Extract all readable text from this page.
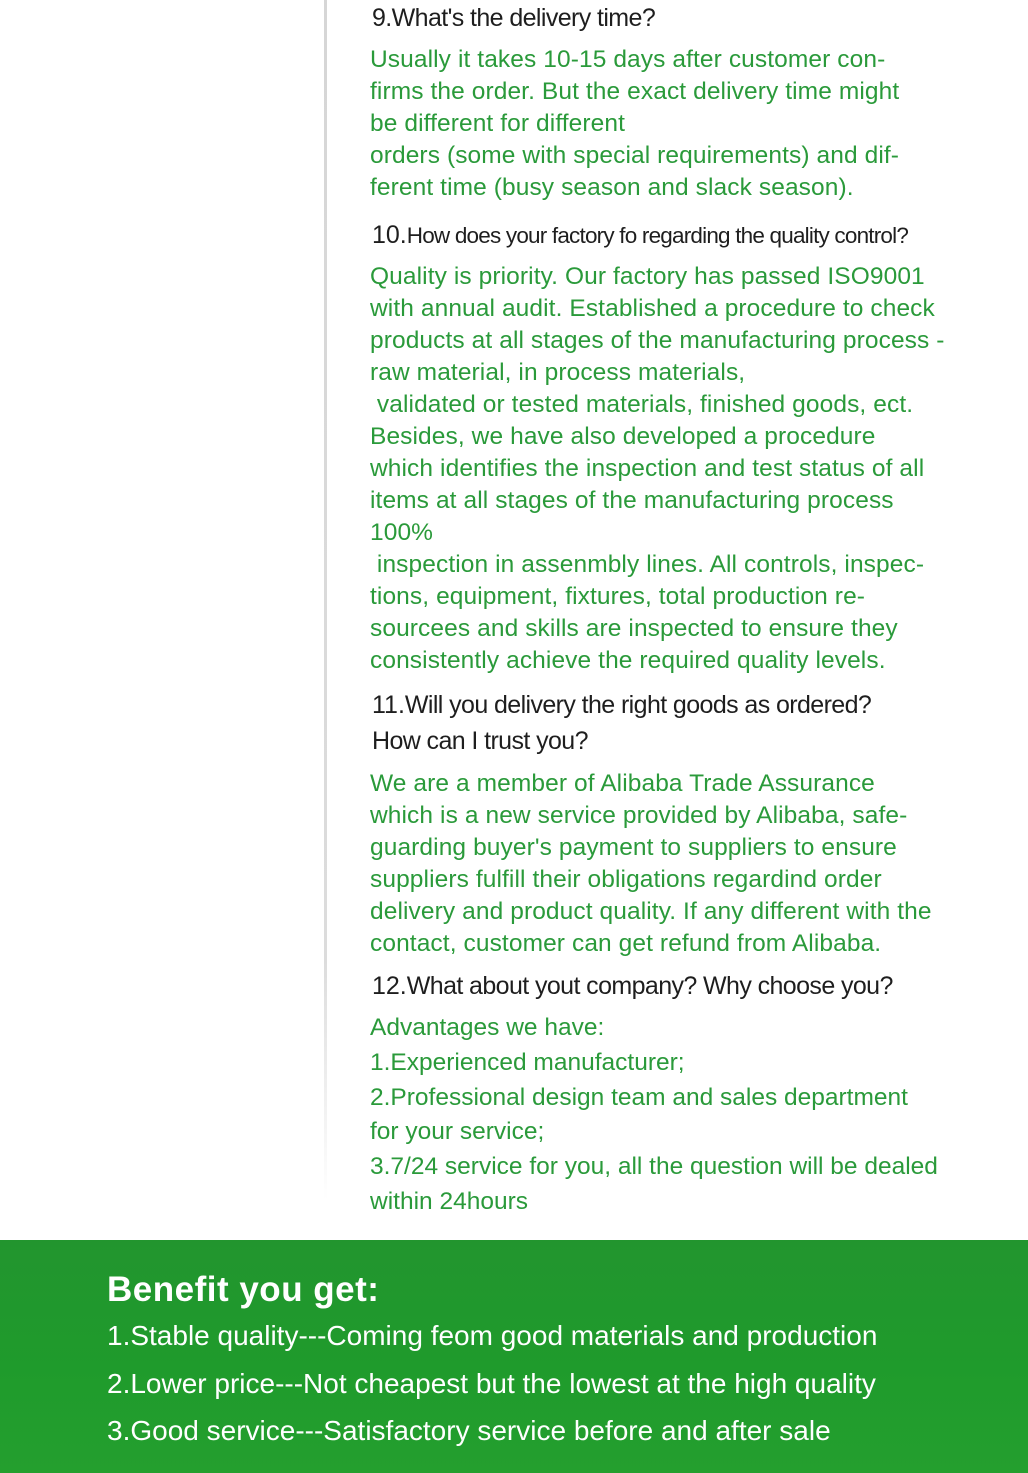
9.What's the delivery time?
Usually it takes 10-15 days after customer con-
firms the order. But the exact delivery time might
be different for different
orders (some with special requirements) and dif-
ferent time (busy season and slack season).
10.How does your factory fo regarding the quality control?
Quality is priority. Our factory has passed ISO9001
with annual audit. Established a procedure to check
products at all stages of the manufacturing process -
raw material, in process materials,
validated or tested materials, finished goods, ect.
Besides, we have also developed a procedure
which identifies the inspection and test status of all
items at all stages of the manufacturing process
100%
inspection in assenmbly lines. All controls, inspec-
tions, equipment, fixtures, total production re-
sourcees and skills are inspected to ensure they
consistently achieve the required quality levels.
11.Will you delivery the right goods as ordered?
How can I trust you?
We are a member of Alibaba Trade Assurance
which is a new service provided by Alibaba, safe-
guarding buyer's payment to suppliers to ensure
suppliers fulfill their obligations regardind order
delivery and product quality. If any different with the
contact, customer can get refund from Alibaba.
12.What about yout company? Why choose you?
Advantages we have:
1.Experienced manufacturer;
2.Professional design team and sales department
for your service;
3.7/24 service for you, all the question will be dealed
within 24hours
Benefit you get:
1.Stable quality---Coming feom good materials and production
2.Lower price---Not cheapest but the lowest at the high quality
3.Good service---Satisfactory service before and after sale
